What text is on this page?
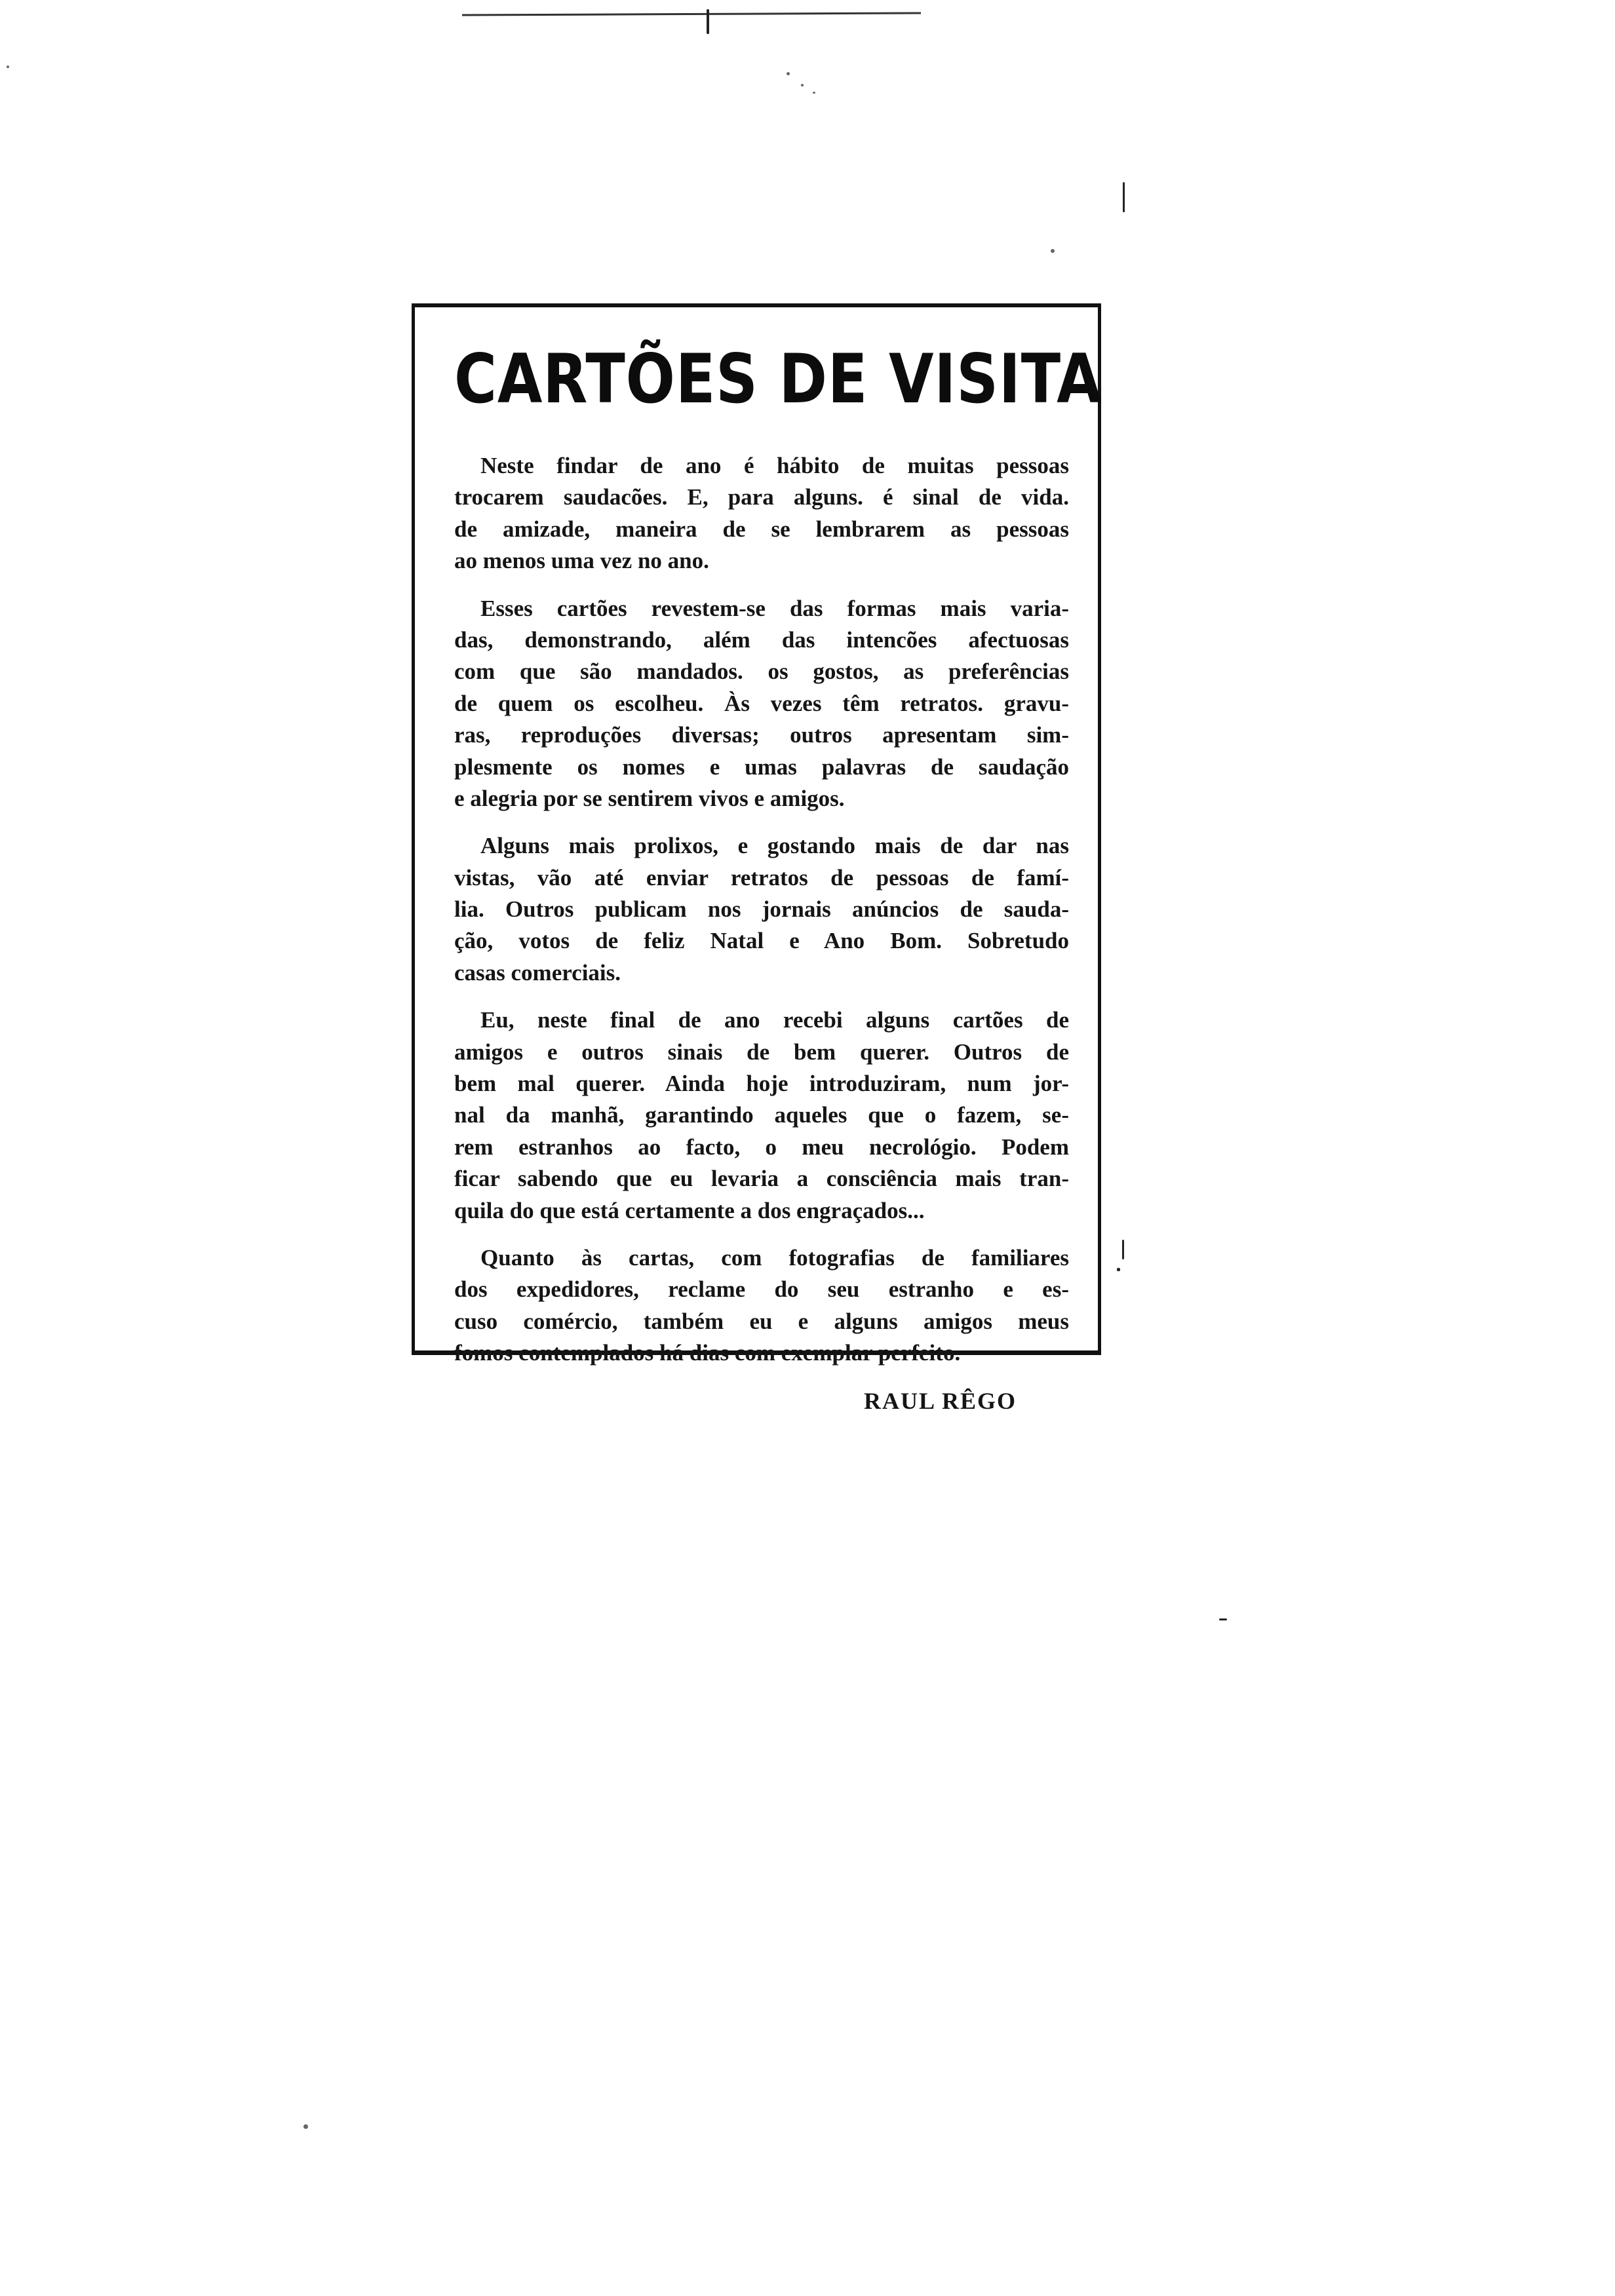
CARTÕES DE VISITA
Neste findar de ano é hábito de muitas pessoas
trocarem saudacões. E, para alguns. é sinal de vida.
de amizade, maneira de se lembrarem as pessoas
ao menos uma vez no ano.
Esses cartões revestem-se das formas mais varia-
das, demonstrando, além das intencões afectuosas
com que são mandados. os gostos, as preferências
de quem os escolheu. Às vezes têm retratos. gravu-
ras, reproduções diversas; outros apresentam sim-
plesmente os nomes e umas palavras de saudação
e alegria por se sentirem vivos e amigos.
Alguns mais prolixos, e gostando mais de dar nas
vistas, vão até enviar retratos de pessoas de famí-
lia. Outros publicam nos jornais anúncios de sauda-
ção, votos de feliz Natal e Ano Bom. Sobretudo
casas comerciais.
Eu, neste final de ano recebi alguns cartões de
amigos e outros sinais de bem querer. Outros de
bem mal querer. Ainda hoje introduziram, num jor-
nal da manhã, garantindo aqueles que o fazem, se-
rem estranhos ao facto, o meu necrológio. Podem
ficar sabendo que eu levaria a consciência mais tran-
quila do que está certamente a dos engraçados...
Quanto às cartas, com fotografias de familiares
dos expedidores, reclame do seu estranho e es-
cuso comércio, também eu e alguns amigos meus
fomos contemplados há dias com exemplar perfeito.
RAUL RÊGO
